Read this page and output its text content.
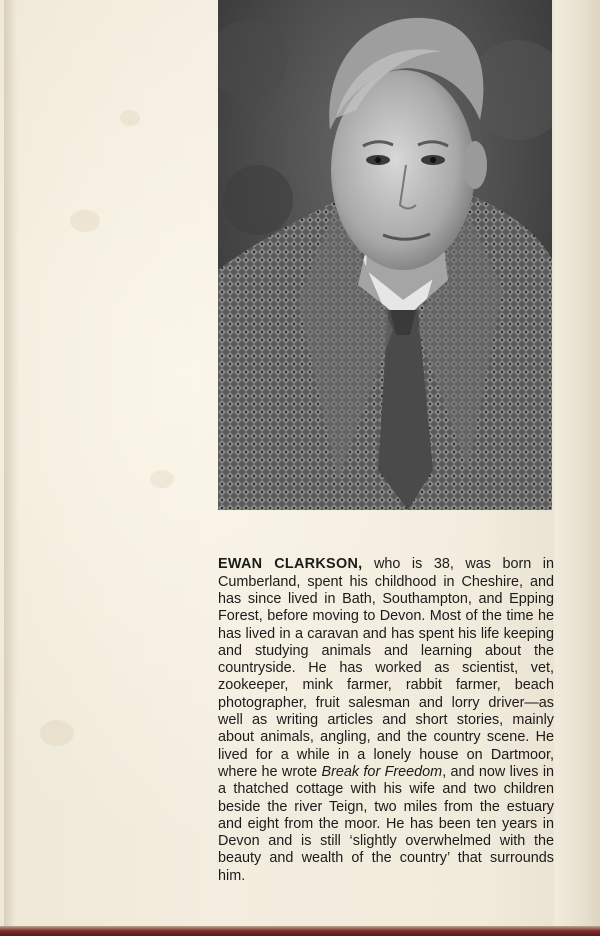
EWAN CLARKSON, who is 38, was born in Cumberland, spent his childhood in Cheshire, and has since lived in Bath, Southampton, and Epping Forest, before moving to Devon. Most of the time he has lived in a caravan and has spent his life keeping and studying animals and learning about the countryside. He has worked as scientist, vet, zookeeper, mink farmer, rabbit farmer, beach photographer, fruit salesman and lorry driver—as well as writing articles and short stories, mainly about animals, angling, and the country scene. He lived for a while in a lonely house on Dartmoor, where he wrote Break for Freedom, and now lives in a thatched cottage with his wife and two children beside the river Teign, two miles from the estuary and eight from the moor. He has been ten years in Devon and is still ‘slightly overwhelmed with the beauty and wealth of the country’ that surrounds him.
